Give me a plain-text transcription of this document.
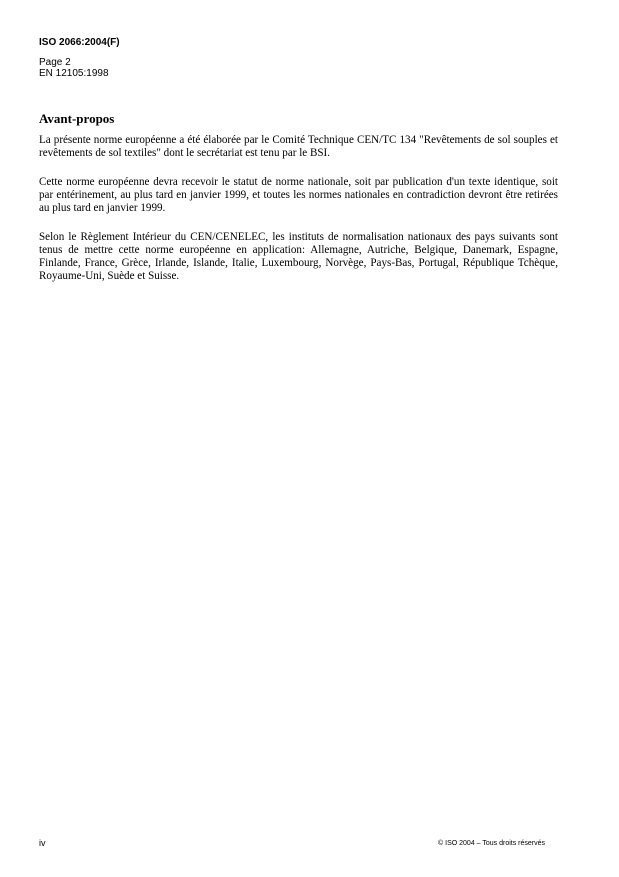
ISO 2066:2004(F)
Page 2
EN 12105:1998
Avant-propos

La présente norme européenne a été élaborée par le Comité Technique CEN/TC 134 "Revêtements de sol souples et revêtements de sol textiles" dont le secrétariat est tenu par le BSI.

Cette norme européenne devra recevoir le statut de norme nationale, soit par publication d'un texte identique, soit par entérinement, au plus tard en janvier 1999, et toutes les normes nationales en contradiction devront être retirées au plus tard en janvier 1999.

Selon le Règlement Intérieur du CEN/CENELEC, les instituts de normalisation nationaux des pays suivants sont tenus de mettre cette norme européenne en application: Allemagne, Autriche, Belgique, Danemark, Espagne, Finlande, France, Grèce, Irlande, Islande, Italie, Luxembourg, Norvège, Pays-Bas, Portugal, République Tchèque, Royaume-Uni, Suède et Suisse.

iv	© ISO 2004 – Tous droits réservés
